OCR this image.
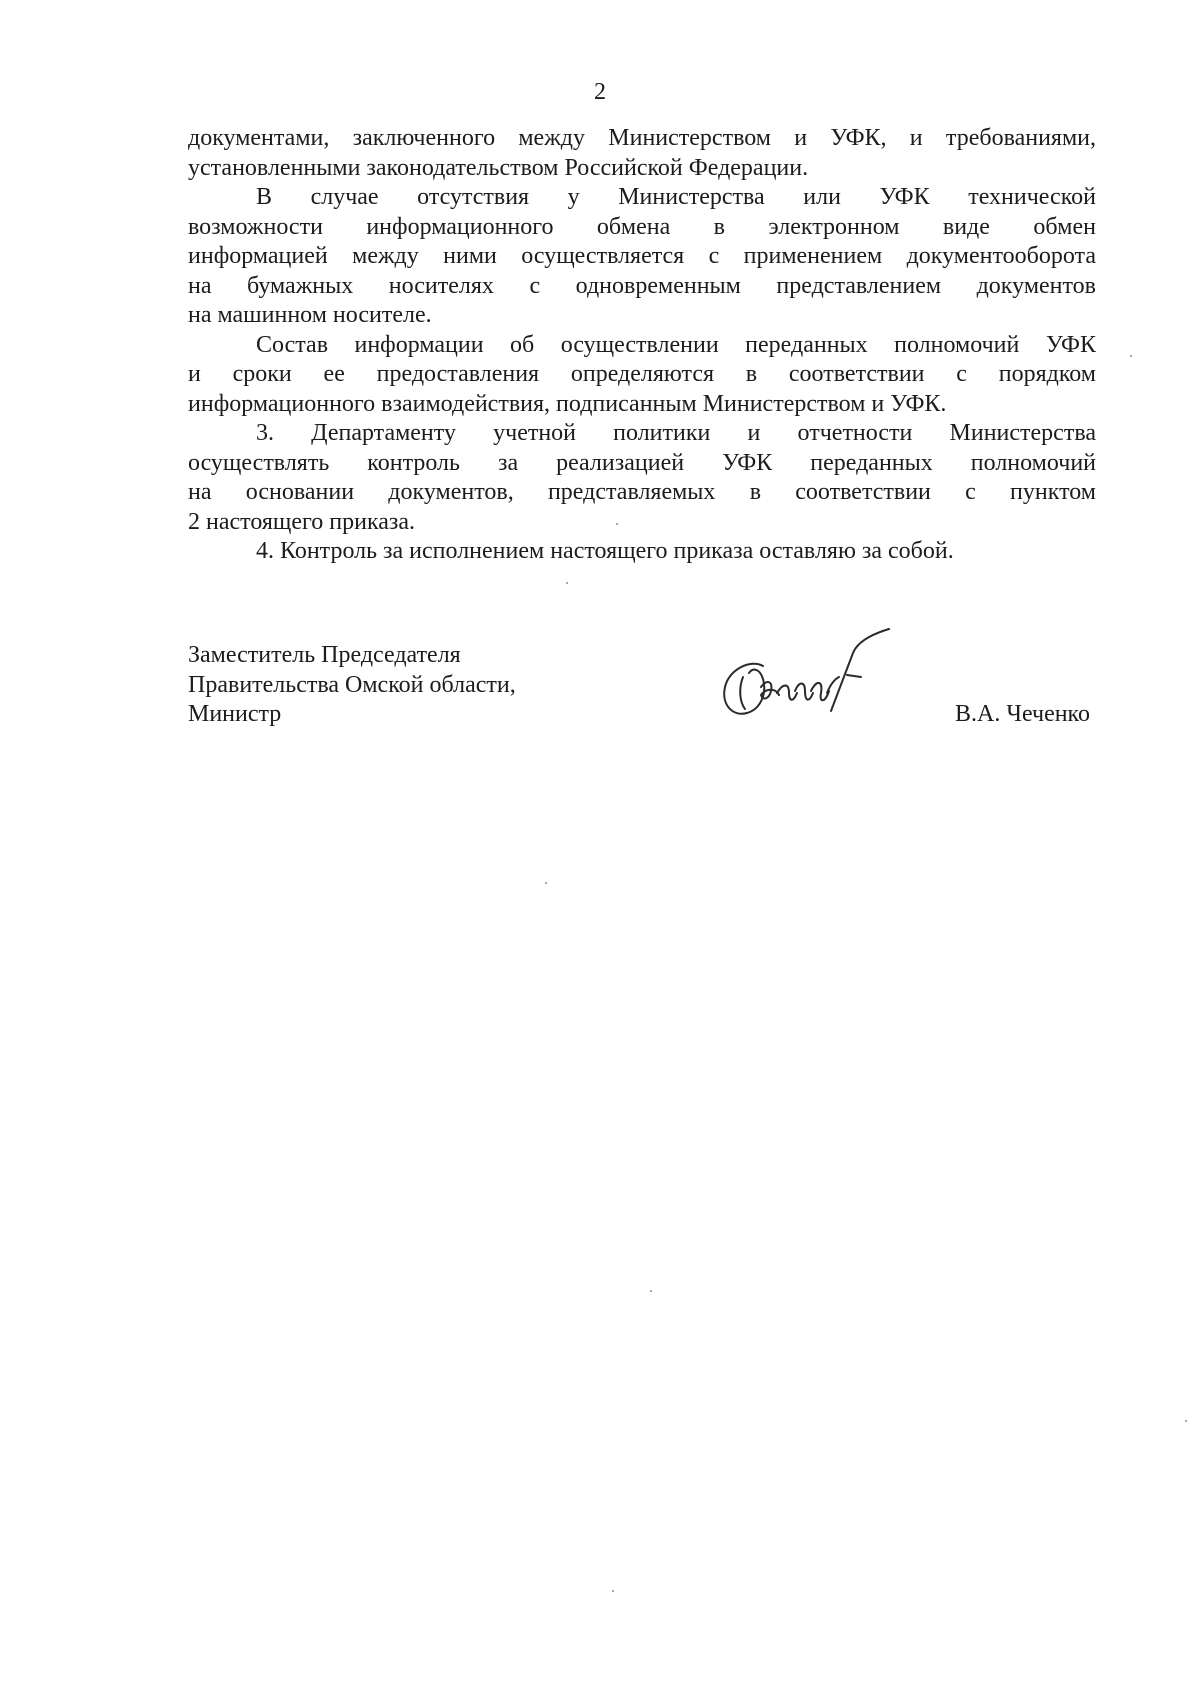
2

документами, заключенного между Министерством и УФК, и требованиями,

установленными законодательством Российской Федерации.

В случае отсутствия у Министерства или УФК технической

возможности информационного обмена в электронном виде обмен

информацией между ними осуществляется с применением документооборота

на бумажных носителях с одновременным представлением документов

на машинном носителе.

Состав информации об осуществлении переданных полномочий УФК

и сроки ее предоставления определяются в соответствии с порядком

информационного взаимодействия, подписанным Министерством и УФК.

3. Департаменту учетной политики и отчетности Министерства

осуществлять контроль за реализацией УФК переданных полномочий

на основании документов, представляемых в соответствии с пунктом

2 настоящего приказа.

4. Контроль за исполнением настоящего приказа оставляю за собой.

Заместитель Председателя
Правительства Омской области,
Министр	В.А. Чеченко
